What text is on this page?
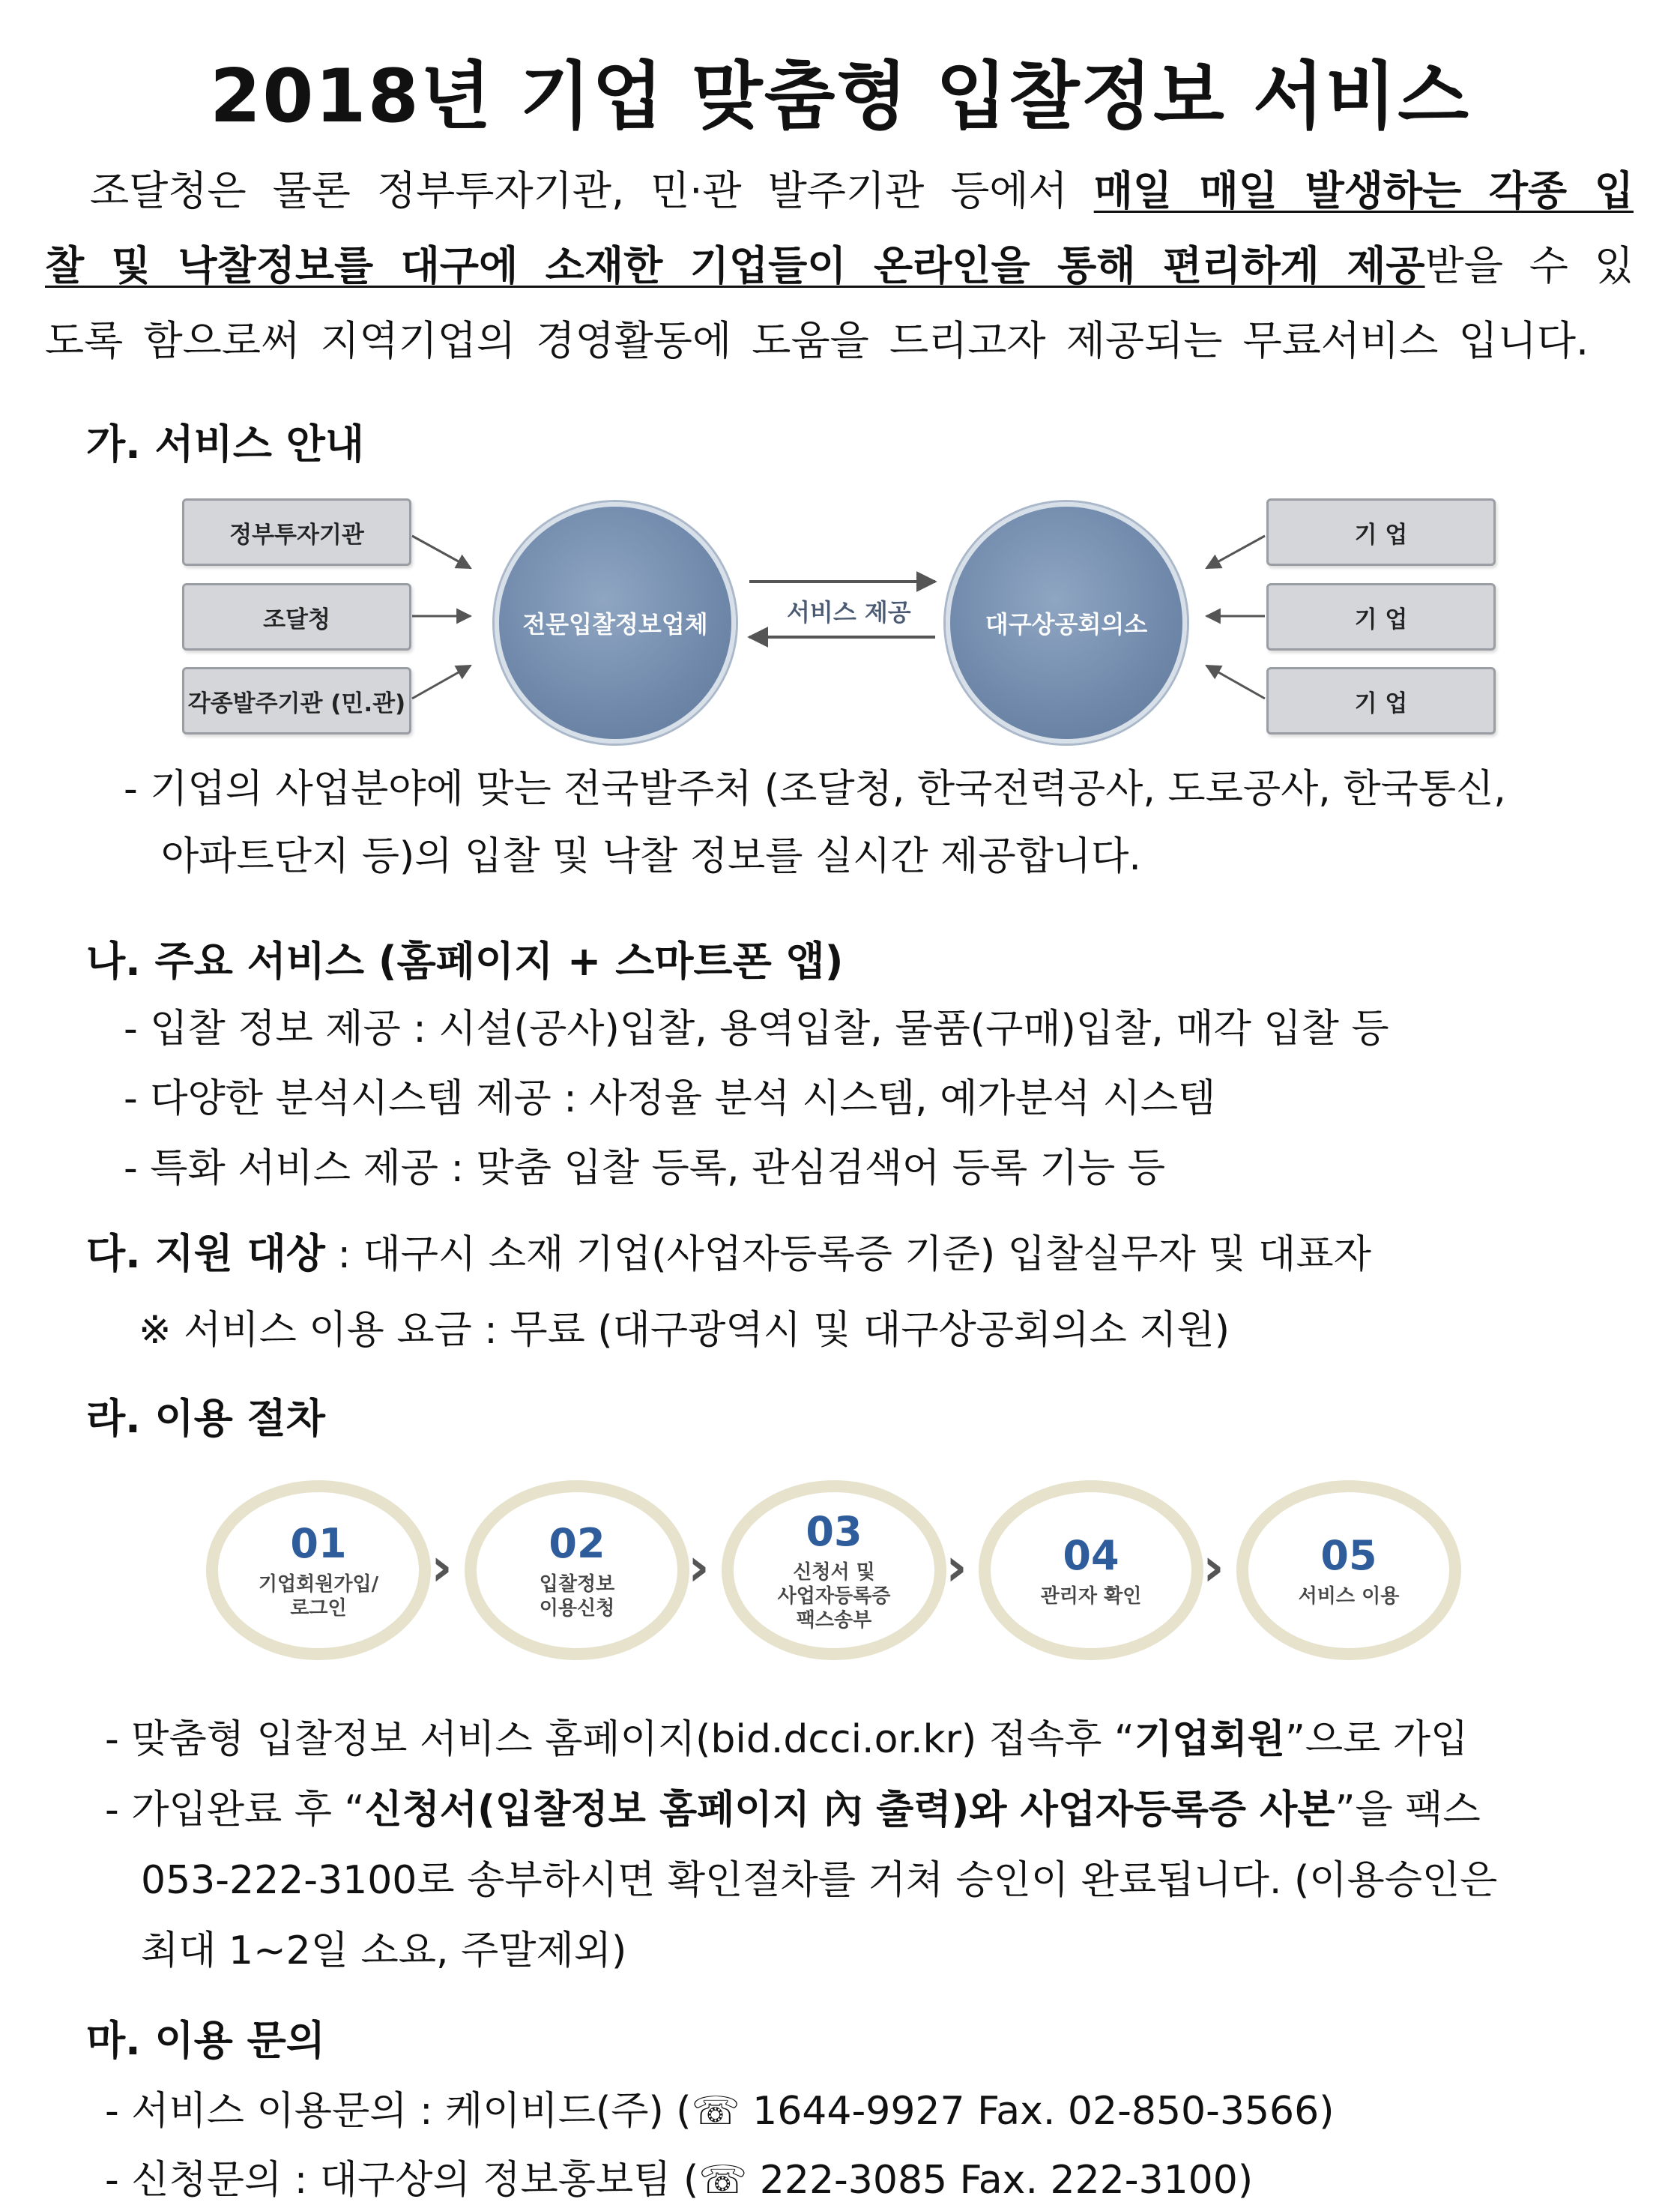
2018년 기업 맞춤형 입찰정보 서비스
조달청은 물론 정부투자기관, 민·관 발주기관 등에서 매일 매일 발생하는 각종 입
찰 및 낙찰정보를 대구에 소재한 기업들이 온라인을 통해 편리하게 제공받을 수 있
도록 함으로써 지역기업의 경영활동에 도움을 드리고자 제공되는 무료서비스 입니다.
가. 서비스 안내
정부투자기관
조달청
각종발주기관 (민.관)
전문입찰정보업체	대구상공회의소
기 업
기 업
기 업
서비스 제공
- 기업의 사업분야에 맞는 전국발주처 (조달청, 한국전력공사, 도로공사, 한국통신,
아파트단지 등)의 입찰 및 낙찰 정보를 실시간 제공합니다.
나. 주요 서비스 (홈페이지 + 스마트폰 앱)
- 입찰 정보 제공 : 시설(공사)입찰, 용역입찰, 물품(구매)입찰, 매각 입찰 등
- 다양한 분석시스템 제공 : 사정율 분석 시스템, 예가분석 시스템
- 특화 서비스 제공 : 맞춤 입찰 등록, 관심검색어 등록 기능 등
다. 지원 대상 : 대구시 소재 기업(사업자등록증 기준) 입찰실무자 및 대표자
※ 서비스 이용 요금 : 무료 (대구광역시 및 대구상공회의소 지원)
라. 이용 절차
01
기업회원가입/
로그인
› 02
입찰정보
이용신청
›
03
신청서 및
사업자등록증
팩스송부
› 04
관리자 확인 › 05
서비스 이용
- 맞춤형 입찰정보 서비스 홈페이지(bid.dcci.or.kr) 접속후 “기업회원”으로 가입
- 가입완료 후 “신청서(입찰정보 홈페이지 內 출력)와 사업자등록증 사본”을 팩스
053-222-3100로 송부하시면 확인절차를 거쳐 승인이 완료됩니다. (이용승인은
최대 1~2일 소요, 주말제외)
마. 이용 문의
- 서비스 이용문의 : 케이비드(주) (☏ 1644-9927 Fax. 02-850-3566)
- 신청문의 : 대구상의 정보홍보팀 (☏ 222-3085 Fax. 222-3100)
